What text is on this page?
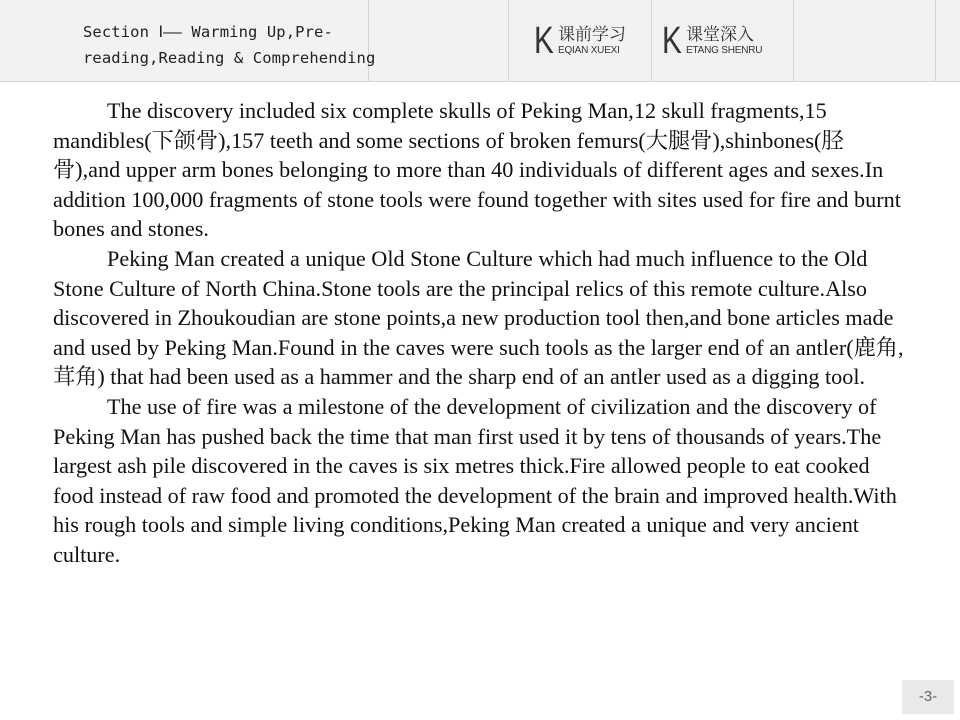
Section Ⅰ—— Warming Up,Pre-
reading,Reading & Comprehending	K 课前学习
EQIAN XUEXI K 课堂深入
ETANG SHENRU

The discovery included six complete skulls of Peking Man,12 skull fragments,15 mandibles(下颌骨),157 teeth and some sections of broken femurs(大腿骨),shinbones(胫骨),and upper arm bones belonging to more than 40 individuals of different ages and sexes.In addition 100,000 fragments of stone tools were found together with sites used for fire and burnt bones and stones.

Peking Man created a unique Old Stone Culture which had much influence to the Old Stone Culture of North China.Stone tools are the principal relics of this remote culture.Also discovered in Zhoukoudian are stone points,a new production tool then,and bone articles made and used by Peking Man.Found in the caves were such tools as the larger end of an antler(鹿角,茸角) that had been used as a hammer and the sharp end of an antler used as a digging tool.

The use of fire was a milestone of the development of civilization and the discovery of Peking Man has pushed back the time that man first used it by tens of thousands of years.The largest ash pile discovered in the caves is six metres thick.Fire allowed people to eat cooked food instead of raw food and promoted the development of the brain and improved health.With his rough tools and simple living conditions,Peking Man created a unique and very ancient culture.

-3-
